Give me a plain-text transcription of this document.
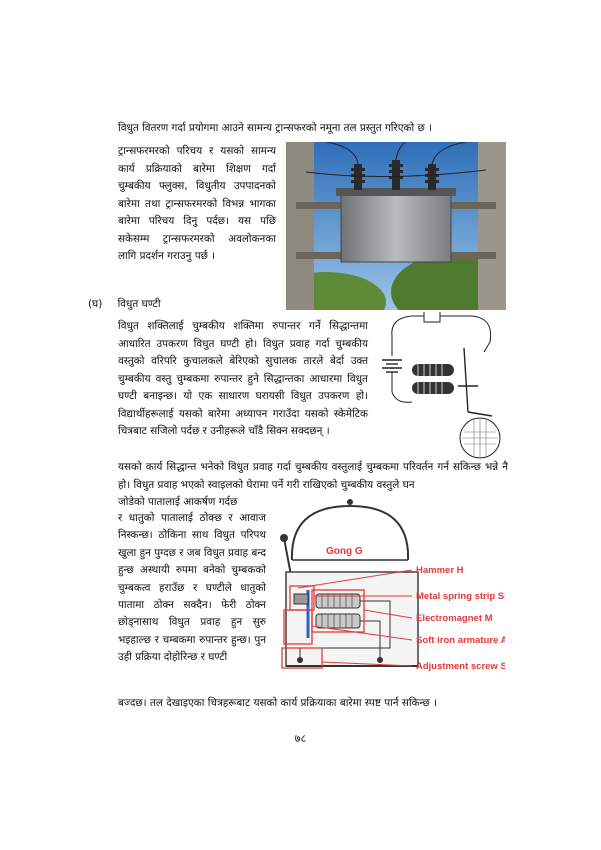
विधुत वितरण गर्दा प्रयोगमा आउने सामन्य ट्रान्सफरको नमूना तल प्रस्तुत गरिएको छ ।

ट्रान्सफरमरको परिचय र यसको सामन्य कार्य प्रक्रियाको बारेमा शिक्षण गर्दा चुम्बकीय फ्लुक्स, विधुतीय उपपादनको बारेमा तथा ट्रान्सफरमरको विभन्न भागका बारेमा परिचय दिनु पर्दछ। यस पछि सकेसम्म ट्रान्सफरमरको अवलोकनका लागि प्रदर्शन गराउनु पर्छ ।

(घ) विधुत घण्टी

विधुत शक्तिलाई चुम्बकीय शक्तिमा रुपान्तर गर्ने सिद्धान्तमा आधारित उपकरण विधुत घण्टी हो। विधुत प्रवाह गर्दा चुम्बकीय वस्तुको वरिपरि कुचालकले बेरिएको सुचालक तारले बेर्दा उक्त चुम्बकीय वस्तु चुम्बकमा रुपान्तर हुने सिद्धान्तका आधारमा विधुत घण्टी बनाइन्छ। यो एक साधारण घरायसी विधुत उपकरण हो। विद्यार्थीहरूलाई यसको बारेमा अध्यापन गराउँदा यसको स्केमेटिक चित्रबाट सजिलो पर्दछ र उनीहरूले चाँडै सिक्न सक्दछन् ।

यसको कार्य सिद्धान्त भनेको विधुत प्रवाह गर्दा चुम्बकीय वस्तुलाई चुम्बकमा परिवर्तन गर्न सकिन्छ भन्ने नै हो। विधुत प्रवाह भएको स्वाइलको घेरामा पर्ने गरी राखिएको चुम्बकीय वस्तुले घन

जोडेको पातालाई आकर्षण गर्दछ

र धातुको पातालाई ठोक्छ र आवाज निस्कन्छ। ठोकिना साथ विधुत परिपथ खुला हुन पुग्दछ र जब विधुत प्रवाह बन्द हुन्छ अस्थायी रुपमा बनेको चुम्बकको चुम्बकत्व हराउँछ र घण्टीले धातुको पातामा ठोक्न सक्दैन। फेरी ठोक्न छोड्नासाथ विधुत प्रवाह हुन सुरु भइहाल्छ र चम्बकमा रुपान्तर हुन्छ। पुन उही प्रक्रिया दोहोरिन्छ र घण्टी

बज्दछ। तल देखाइएका चित्रहरूबाट यसको कार्य प्रक्रियाका बारेमा स्पष्ट पार्न सकिन्छ ।

Gong G
Hammer H
Metal spring strip SS
Electromagnet M
Soft iron armature A
Adjustment screw S
७८
